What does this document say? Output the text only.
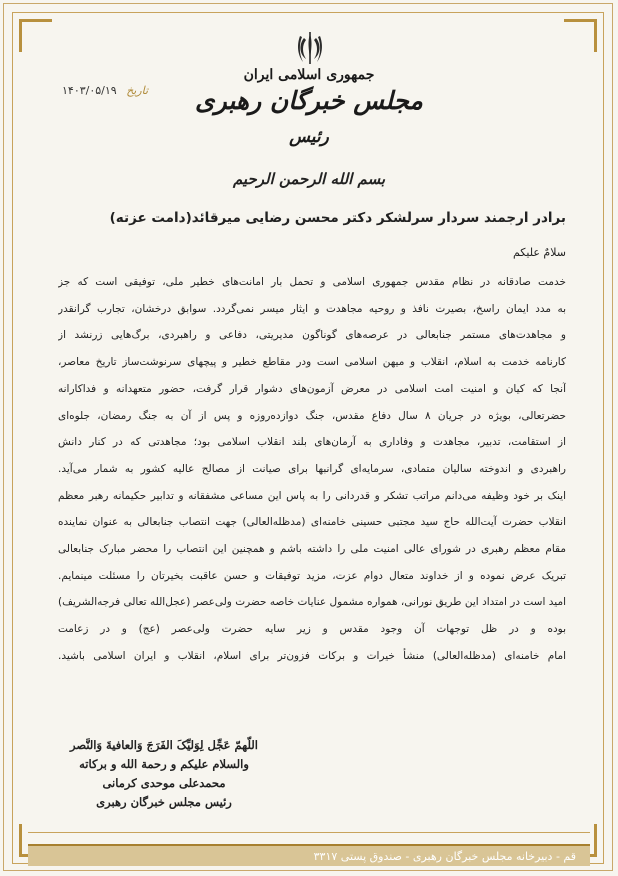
جمهوری اسلامی ایران
مجلس خبرگان رهبری
رئیس
تاریخ ۱۴۰۳/۰۵/۱۹
بسم الله الرحمن الرحیم

برادر ارجمند سردار سرلشکر دکتر محسن رضایی میرقائد(دامت عزته)

سلامٌ علیکم

خدمت صادقانه در نظام مقدس جمهوری اسلامی و تحمل بار امانت‌های خطیر ملی، توفیقی است که جز

به مدد ایمان راسخ، بصیرت نافذ و روحیه مجاهدت و ایثار میسر نمی‌گردد. سوابق درخشان، تجارب گرانقدر

و مجاهدت‌های مستمر جنابعالی در عرصه‌های گوناگون مدیریتی، دفاعی و راهبردی، برگ‌هایی زرنشد از

کارنامه خدمت به اسلام، انقلاب و میهن اسلامی است ودر مقاطع خطیر و پیچهای سرنوشت‌ساز تاریخ معاصر،

آنجا که کیان و امنیت امت اسلامی در معرض آزمون‌های دشوار قرار گرفت، حضور متعهدانه و فداکارانه

حضرتعالی، بویژه در جریان ۸ سال دفاع مقدس، جنگ دوازده‌روزه و پس از آن به جنگ رمضان، جلوه‌ای

از استقامت، تدبیر، مجاهدت و وفاداری به آرمان‌های بلند انقلاب اسلامی بود؛ مجاهدتی که در کنار دانش

راهبردی و اندوخته سالیان متمادی، سرمایه‌ای گرانبها برای صیانت از مصالح عالیه کشور به شمار می‌آید.

اینک بر خود وظیفه می‌دانم مراتب تشکر و قدردانی را به پاس این مساعی مشفقانه و تدابیر حکیمانه رهبر معظم

انقلاب حضرت آیت‌الله حاج سید مجتبی حسینی خامنه‌ای (مدظله‌العالی) جهت انتصاب جنابعالی به عنوان نماینده

مقام معظم رهبری در شورای عالی امنیت ملی را داشته باشم و همچنین این انتصاب را محضر مبارک جنابعالی

تبریک عرض نموده و از خداوند متعال دوام عزت، مزید توفیقات و حسن عاقبت بخیرتان را مسئلت مینمایم.

امید است در امتداد این طریق نورانی، همواره مشمول عنایات خاصه حضرت ولی‌عصر (عجل‌الله تعالی فرجه‌الشریف)

بوده و در ظل توجهات آن وجود مقدس و زیر سایه حضرت ولی‌عصر (عج) و در زعامت

امام خامنه‌ای (مدظله‌العالی) منشأ خیرات و برکات فزون‌تر برای اسلام، انقلاب و ایران اسلامی باشید.

اللّهمّ عَجِّل لِوَلیِّکَ الفَرَجَ وَالعافیةَ وَالنَّصر

والسلام علیکم و رحمة الله و برکاته

محمدعلی موحدی کرمانی

رئیس مجلس خبرگان رهبری

قم - دبیرخانه مجلس خبرگان رهبری - صندوق پستی ۳۳۱۷
